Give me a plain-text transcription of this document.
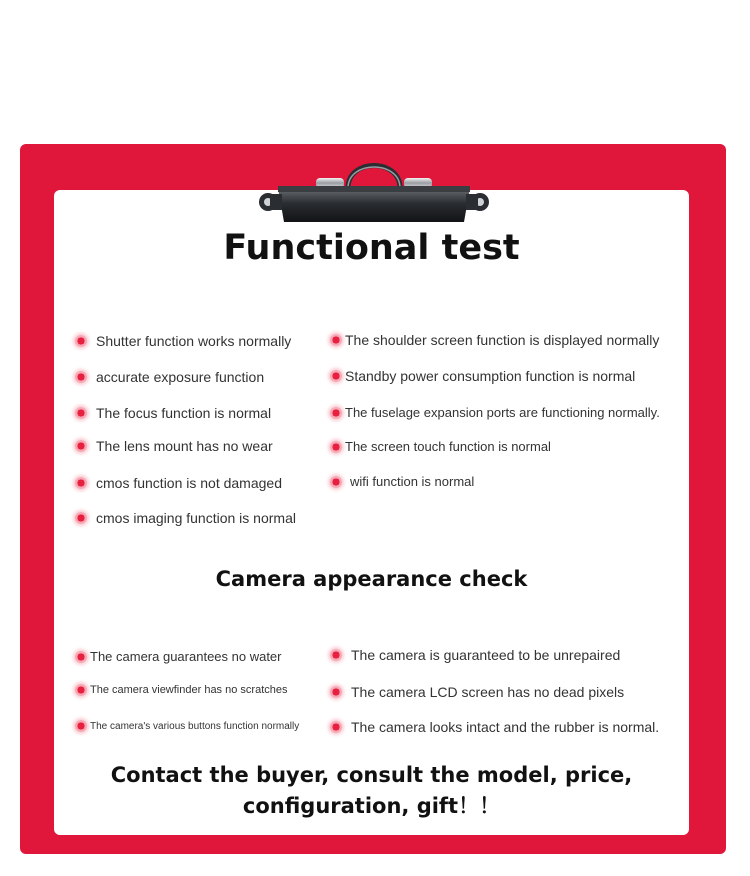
Functional test
Shutter function works normally
accurate exposure function
The focus function is normal
The lens mount has no wear
cmos function is not damaged
cmos imaging function is normal
The shoulder screen function is displayed normally
Standby power consumption function is normal
The fuselage expansion ports are functioning normally.
The screen touch function is normal
wifi function is normal
Camera appearance check
The camera guarantees no water
The camera viewfinder has no scratches
The camera's various buttons function normally
The camera is guaranteed to be unrepaired
The camera LCD screen has no dead pixels
The camera looks intact and the rubber is normal.
Contact the buyer, consult the model, price,
configuration, gift！！
